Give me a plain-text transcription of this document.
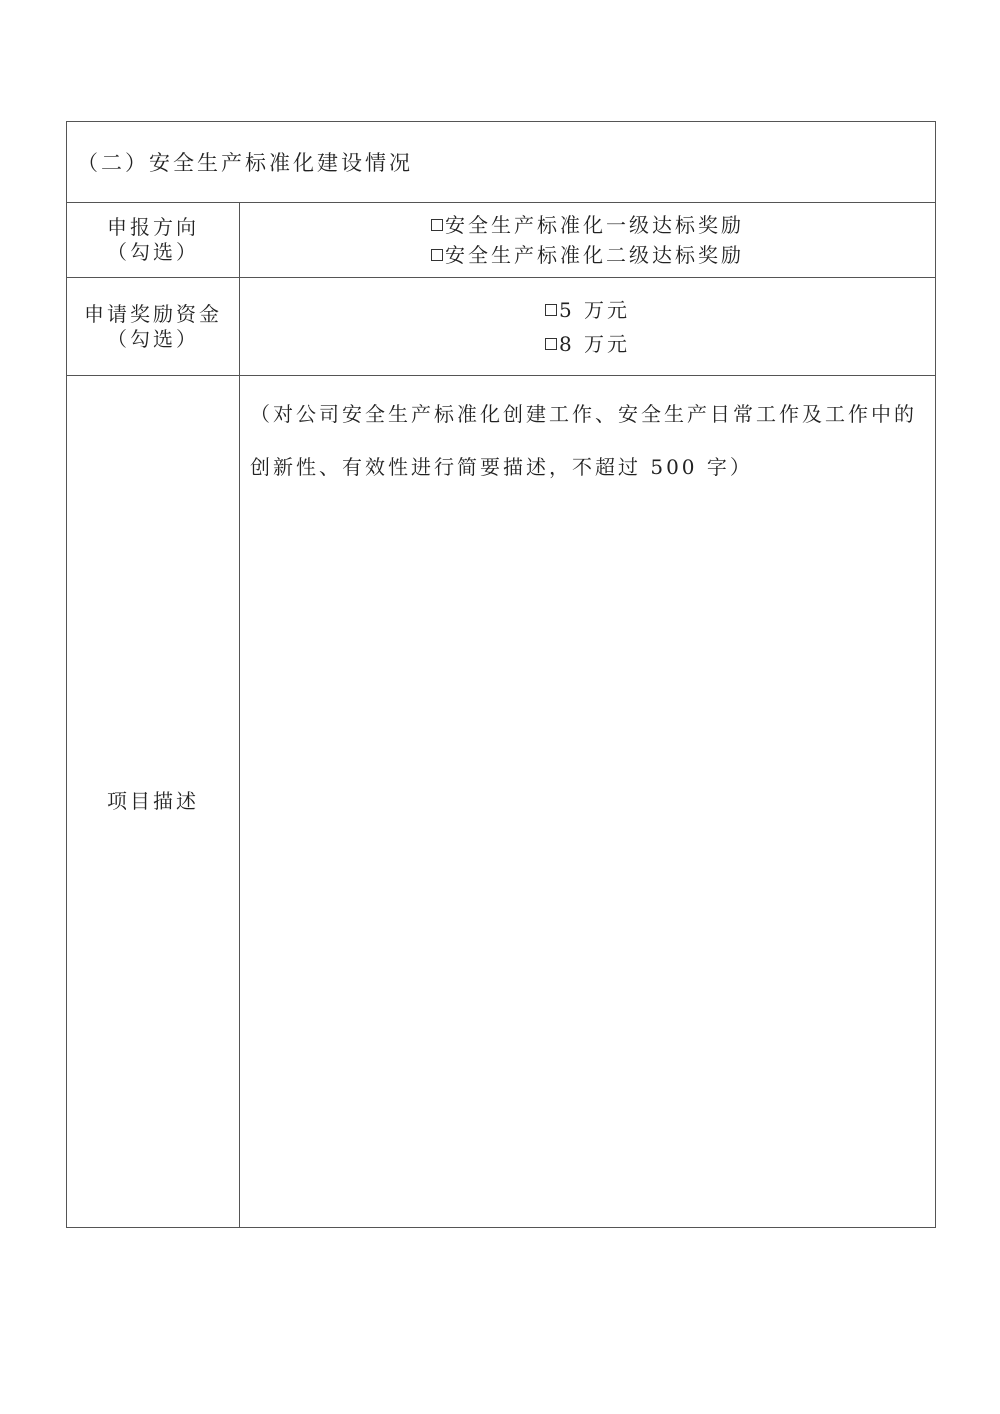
（二）安全生产标准化建设情况	

申报方向
（勾选）	安全生产标准化一级达标奖励
安全生产标准化二级达标奖励

申请奖励资金
（勾选）	5 万元
8 万元

项目描述	（对公司安全生产标准化创建工作、安全生产日常工作及工作中的创新性、有效性进行简要描述，不超过 500 字）
